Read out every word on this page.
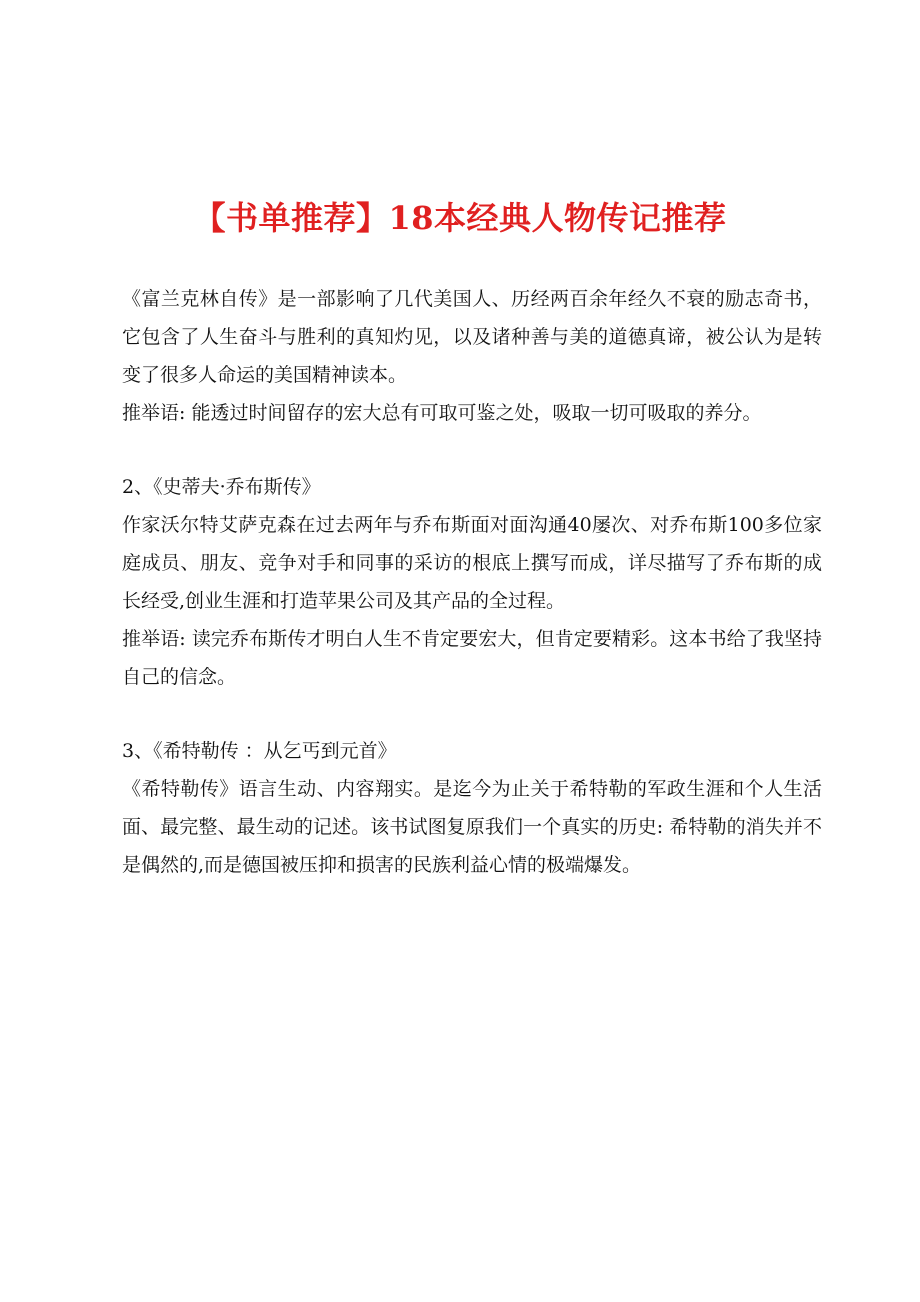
【书单推荐】18本经典人物传记推荐

《富兰克林自传》是一部影响了几代美国人、历经两百余年经久不衰的励志奇书，它包含了人生奋斗与胜利的真知灼见，以及诸种善与美的道德真谛，被公认为是转变了很多人命运的美国精神读本。

推举语: 能透过时间留存的宏大总有可取可鉴之处，吸取一切可吸取的养分。

2、《史蒂夫·乔布斯传》

作家沃尔特艾萨克森在过去两年与乔布斯面对面沟通40屡次、对乔布斯100多位家庭成员、朋友、竞争对手和同事的采访的根底上撰写而成，详尽描写了乔布斯的成长经受,创业生涯和打造苹果公司及其产品的全过程。

推举语: 读完乔布斯传才明白人生不肯定要宏大，但肯定要精彩。这本书给了我坚持自己的信念。

3、《希特勒传 ：从乞丐到元首》

《希特勒传》语言生动、内容翔实。是迄今为止关于希特勒的军政生涯和个人生活面、最完整、最生动的记述。该书试图复原我们一个真实的历史: 希特勒的消失并不是偶然的,而是德国被压抑和损害的民族利益心情的极端爆发。
